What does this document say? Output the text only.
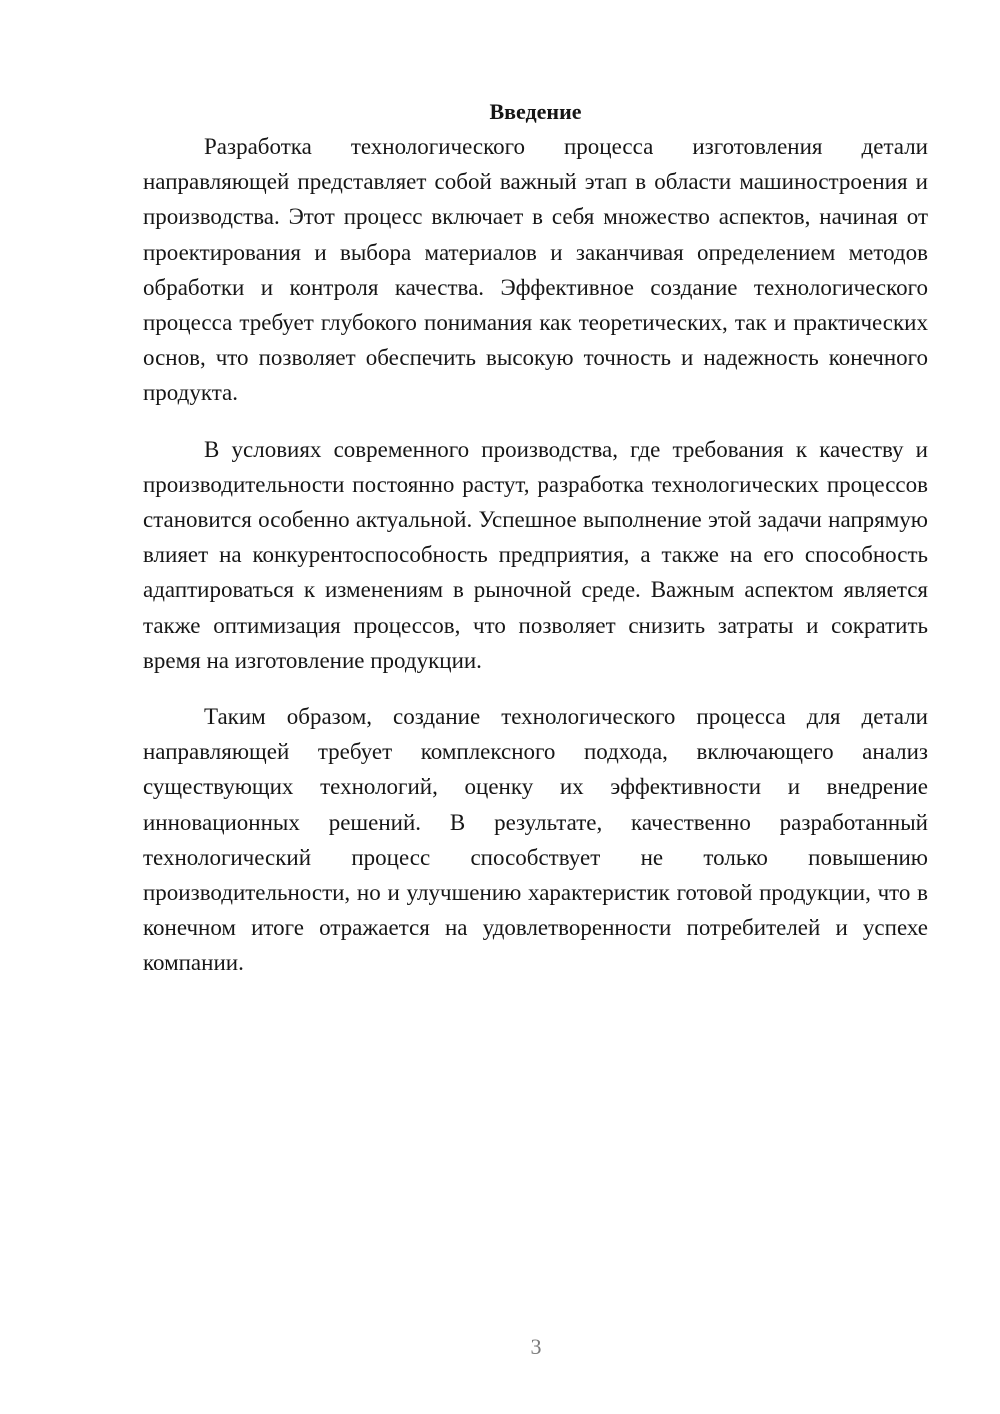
Введение

Разработка технологического процесса изготовления детали направляющей представляет собой важный этап в области машиностроения и производства. Этот процесс включает в себя множество аспектов, начиная от проектирования и выбора материалов и заканчивая определением методов обработки и контроля качества. Эффективное создание технологического процесса требует глубокого понимания как теоретических, так и практических основ, что позволяет обеспечить высокую точность и надежность конечного продукта.

В условиях современного производства, где требования к качеству и производительности постоянно растут, разработка технологических процессов становится особенно актуальной. Успешное выполнение этой задачи напрямую влияет на конкурентоспособность предприятия, а также на его способность адаптироваться к изменениям в рыночной среде. Важным аспектом является также оптимизация процессов, что позволяет снизить затраты и сократить время на изготовление продукции.

Таким образом, создание технологического процесса для детали направляющей требует комплексного подхода, включающего анализ существующих технологий, оценку их эффективности и внедрение инновационных решений. В результате, качественно разработанный технологический процесс способствует не только повышению производительности, но и улучшению характеристик готовой продукции, что в конечном итоге отражается на удовлетворенности потребителей и успехе компании.

3
